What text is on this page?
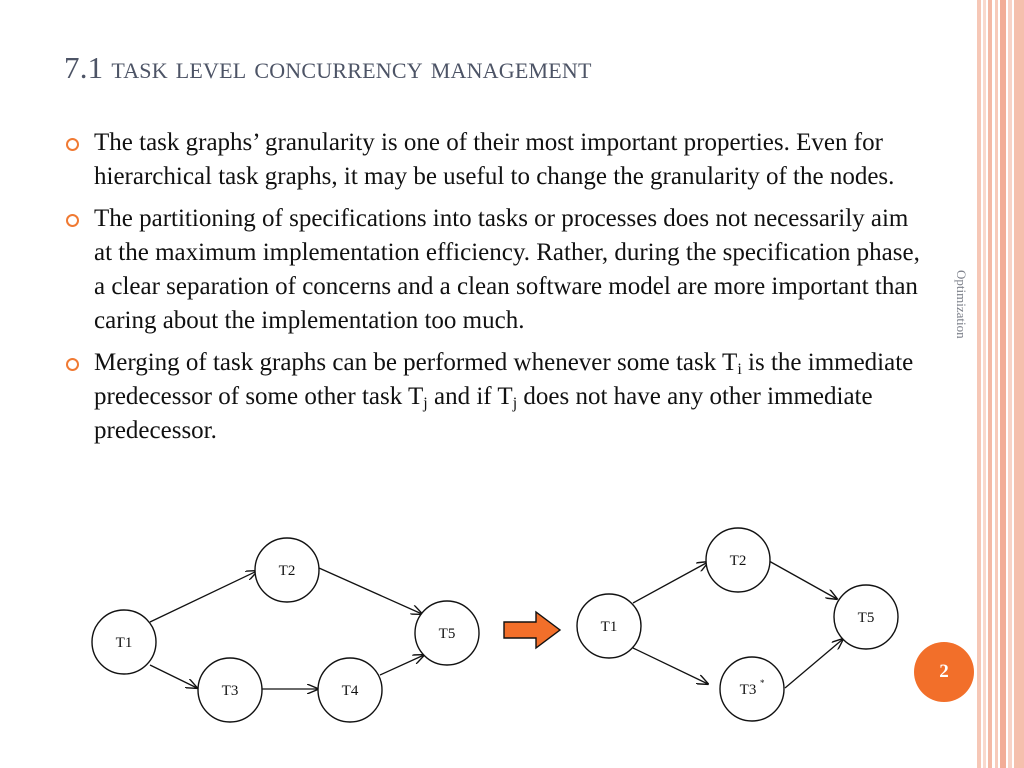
7.1 task level concurrency management
The task graphs’ granularity is one of their most important properties. Even for hierarchical task graphs, it may be useful to change the granularity of the nodes.
The partitioning of specifications into tasks or processes does not necessarily aim at the maximum implementation efficiency. Rather, during the specification phase, a clear separation of concerns and a clean software model are more important than caring about the implementation too much.
Merging of task graphs can be performed whenever some task $T_i$ is the immediate predecessor of some other task $T_j$ and if $T_j$ does not have any other immediate predecessor.
Optimization
2
T1
T2
T3	T4
T5	T1
T2
T3 *
T5
